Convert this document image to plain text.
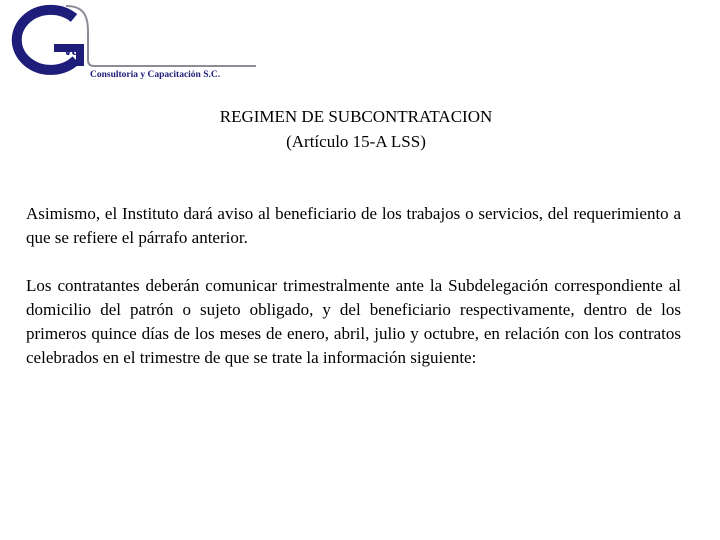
va
Consultoria y Capacitación S.C.
REGIMEN DE SUBCONTRATACION
(Artículo 15-A LSS)

Asimismo, el Instituto dará aviso al beneficiario de los trabajos o servicios, del requerimiento a que se refiere el párrafo anterior.

Los contratantes deberán comunicar trimestralmente ante la Subdelegación correspondiente al domicilio del patrón o sujeto obligado, y del beneficiario respectivamente, dentro de los primeros quince días de los meses de enero, abril, julio y octubre, en relación con los contratos celebrados en el trimestre de que se trate la información siguiente:
